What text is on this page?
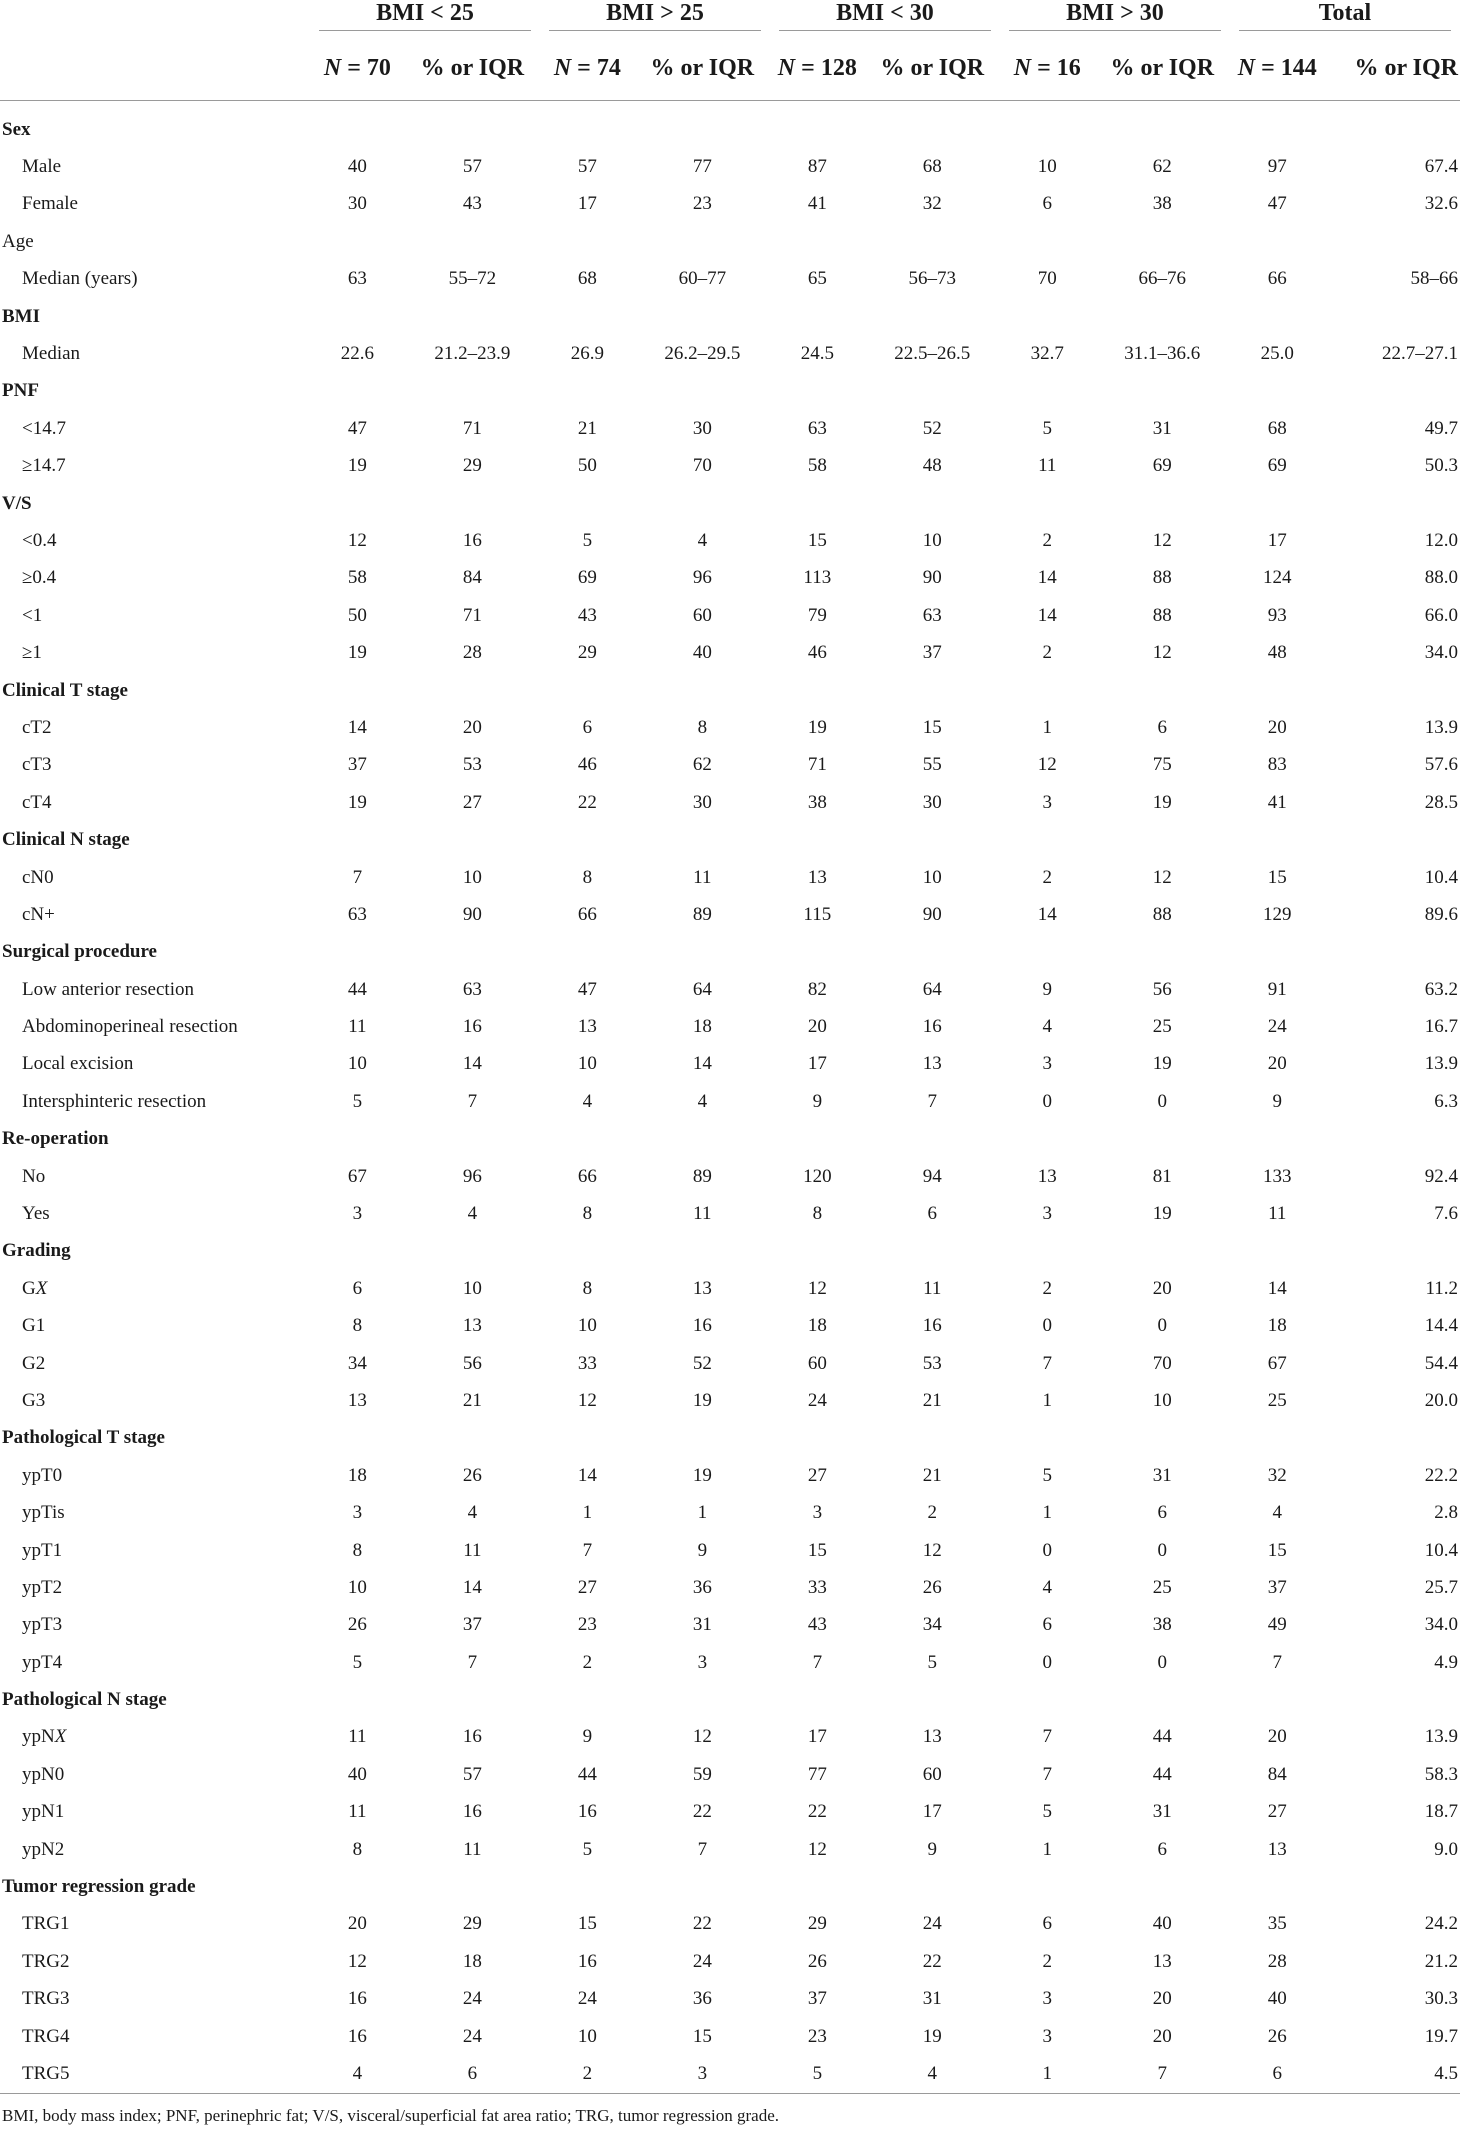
	BMI < 25		BMI > 25		BMI < 30		BMI > 30		Total	
	N = 70	% or IQR	N = 74	% or IQR	N = 128	% or IQR	N = 16	% or IQR	N = 144	% or IQR

Sex										
Male	40	57	57	77	87	68	10	62	97	67.4
Female	30	43	17	23	41	32	6	38	47	32.6
Age										
Median (years)	63	55–72	68	60–77	65	56–73	70	66–76	66	58–66
BMI										
Median	22.6	21.2–23.9	26.9	26.2–29.5	24.5	22.5–26.5	32.7	31.1–36.6	25.0	22.7–27.1
PNF										
<14.7	47	71	21	30	63	52	5	31	68	49.7
≥14.7	19	29	50	70	58	48	11	69	69	50.3
V/S										
<0.4	12	16	5	4	15	10	2	12	17	12.0
≥0.4	58	84	69	96	113	90	14	88	124	88.0
<1	50	71	43	60	79	63	14	88	93	66.0
≥1	19	28	29	40	46	37	2	12	48	34.0
Clinical T stage										
cT2	14	20	6	8	19	15	1	6	20	13.9
cT3	37	53	46	62	71	55	12	75	83	57.6
cT4	19	27	22	30	38	30	3	19	41	28.5
Clinical N stage										
cN0	7	10	8	11	13	10	2	12	15	10.4
cN+	63	90	66	89	115	90	14	88	129	89.6
Surgical procedure										
Low anterior resection	44	63	47	64	82	64	9	56	91	63.2
Abdominoperineal resection	11	16	13	18	20	16	4	25	24	16.7
Local excision	10	14	10	14	17	13	3	19	20	13.9
Intersphinteric resection	5	7	4	4	9	7	0	0	9	6.3
Re-operation										
No	67	96	66	89	120	94	13	81	133	92.4
Yes	3	4	8	11	8	6	3	19	11	7.6
Grading										
GX	6	10	8	13	12	11	2	20	14	11.2
G1	8	13	10	16	18	16	0	0	18	14.4
G2	34	56	33	52	60	53	7	70	67	54.4
G3	13	21	12	19	24	21	1	10	25	20.0
Pathological T stage										
ypT0	18	26	14	19	27	21	5	31	32	22.2
ypTis	3	4	1	1	3	2	1	6	4	2.8
ypT1	8	11	7	9	15	12	0	0	15	10.4
ypT2	10	14	27	36	33	26	4	25	37	25.7
ypT3	26	37	23	31	43	34	6	38	49	34.0
ypT4	5	7	2	3	7	5	0	0	7	4.9
Pathological N stage										
ypNX	11	16	9	12	17	13	7	44	20	13.9
ypN0	40	57	44	59	77	60	7	44	84	58.3
ypN1	11	16	16	22	22	17	5	31	27	18.7
ypN2	8	11	5	7	12	9	1	6	13	9.0
Tumor regression grade										
TRG1	20	29	15	22	29	24	6	40	35	24.2
TRG2	12	18	16	24	26	22	2	13	28	21.2
TRG3	16	24	24	36	37	31	3	20	40	30.3
TRG4	16	24	10	15	23	19	3	20	26	19.7
TRG5	4	6	2	3	5	4	1	7	6	4.5
BMI, body mass index; PNF, perinephric fat; V/S, visceral/superficial fat area ratio; TRG, tumor regression grade.
